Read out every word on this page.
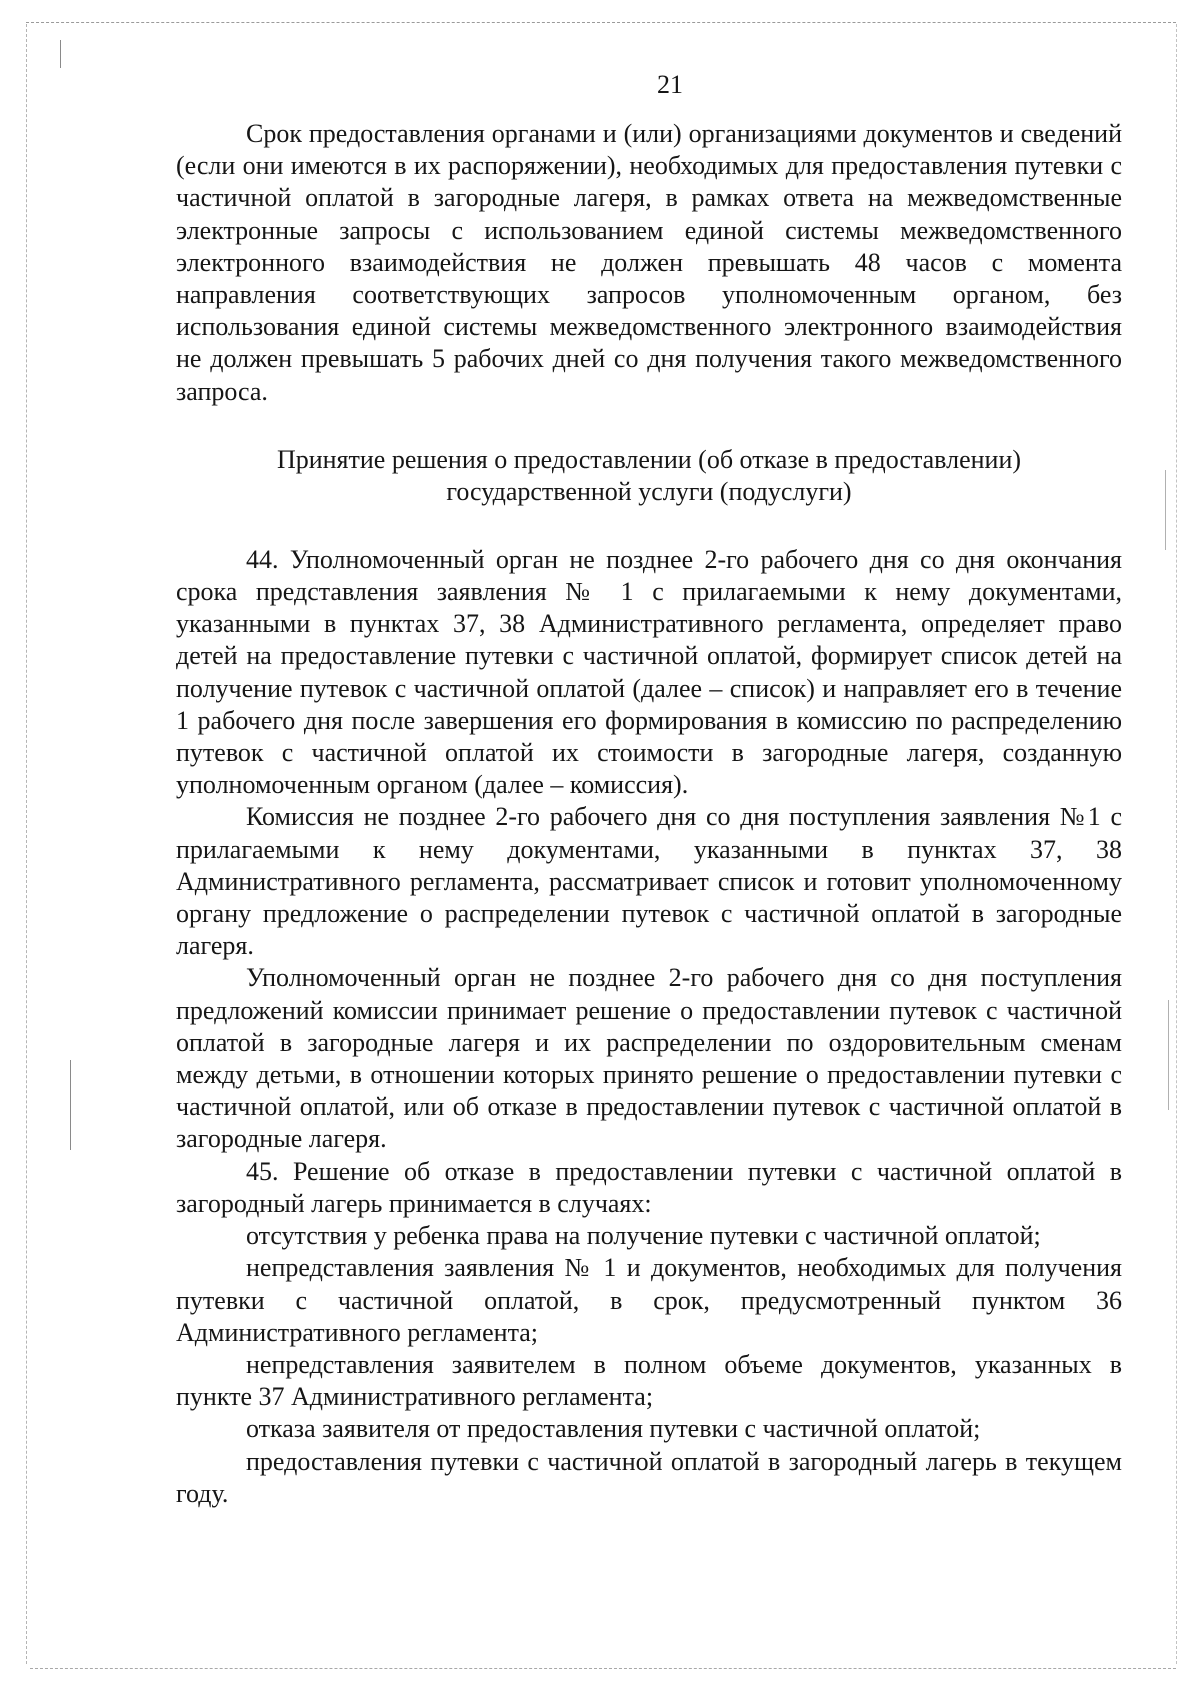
21

Срок предоставления органами и (или) организациями документов и сведений (если они имеются в их распоряжении), необходимых для предоставления путевки с частичной оплатой в загородные лагеря, в рамках ответа на межведомственные электронные запросы с использованием единой системы межведомственного электронного взаимодействия не должен превышать 48 часов с момента направления соответствующих запросов уполномоченным органом, без использования единой системы межведомственного электронного взаимодействия не должен превышать 5 рабочих дней со дня получения такого межведомственного запроса.

Принятие решения о предоставлении (об отказе в предоставлении)
государственной услуги (подуслуги)

44. Уполномоченный орган не позднее 2-го рабочего дня со дня окончания срока представления заявления № 1 с прилагаемыми к нему документами, указанными в пунктах 37, 38 Административного регламента, определяет право детей на предоставление путевки с частичной оплатой, формирует список детей на получение путевок с частичной оплатой (далее – список) и направляет его в течение 1 рабочего дня после завершения его формирования в комиссию по распределению путевок с частичной оплатой их стоимости в загородные лагеря, созданную уполномоченным органом (далее – комиссия).

Комиссия не позднее 2-го рабочего дня со дня поступления заявления №1 с прилагаемыми к нему документами, указанными в пунктах 37, 38 Административного регламента, рассматривает список и готовит уполномоченному органу предложение о распределении путевок с частичной оплатой в загородные лагеря.

Уполномоченный орган не позднее 2-го рабочего дня со дня поступления предложений комиссии принимает решение о предоставлении путевок с частичной оплатой в загородные лагеря и их распределении по оздоровительным сменам между детьми, в отношении которых принято решение о предоставлении путевки с частичной оплатой, или об отказе в предоставлении путевок с частичной оплатой в загородные лагеря.

45. Решение об отказе в предоставлении путевки с частичной оплатой в загородный лагерь принимается в случаях:

отсутствия у ребенка права на получение путевки с частичной оплатой;

непредставления заявления № 1 и документов, необходимых для получения путевки с частичной оплатой, в срок, предусмотренный пунктом 36 Административного регламента;

непредставления заявителем в полном объеме документов, указанных в пункте 37 Административного регламента;

отказа заявителя от предоставления путевки с частичной оплатой;

предоставления путевки с частичной оплатой в загородный лагерь в текущем году.
